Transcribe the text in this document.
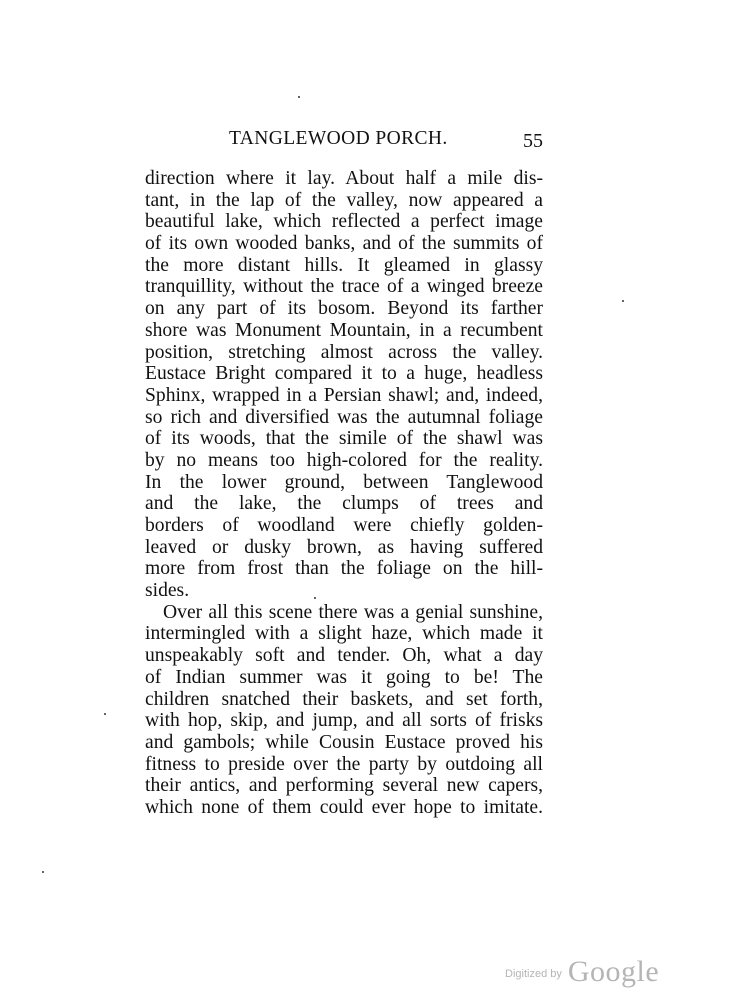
TANGLEWOOD PORCH.	55
direction where it lay. About half a mile dis-
tant, in the lap of the valley, now appeared a
beautiful lake, which reflected a perfect image
of its own wooded banks, and of the summits of
the more distant hills. It gleamed in glassy
tranquillity, without the trace of a winged breeze
on any part of its bosom. Beyond its farther
shore was Monument Mountain, in a recumbent
position, stretching almost across the valley.
Eustace Bright compared it to a huge, headless
Sphinx, wrapped in a Persian shawl; and, indeed,
so rich and diversified was the autumnal foliage
of its woods, that the simile of the shawl was
by no means too high-colored for the reality.
In the lower ground, between Tanglewood
and the lake, the clumps of trees and
borders of woodland were chiefly golden-
leaved or dusky brown, as having suffered
more from frost than the foliage on the hill-
sides.
Over all this scene there was a genial sunshine,
intermingled with a slight haze, which made it
unspeakably soft and tender. Oh, what a day
of Indian summer was it going to be! The
children snatched their baskets, and set forth,
with hop, skip, and jump, and all sorts of frisks
and gambols; while Cousin Eustace proved his
fitness to preside over the party by outdoing all
their antics, and performing several new capers,
which none of them could ever hope to imitate.
$^{Digitized by}$ Google
